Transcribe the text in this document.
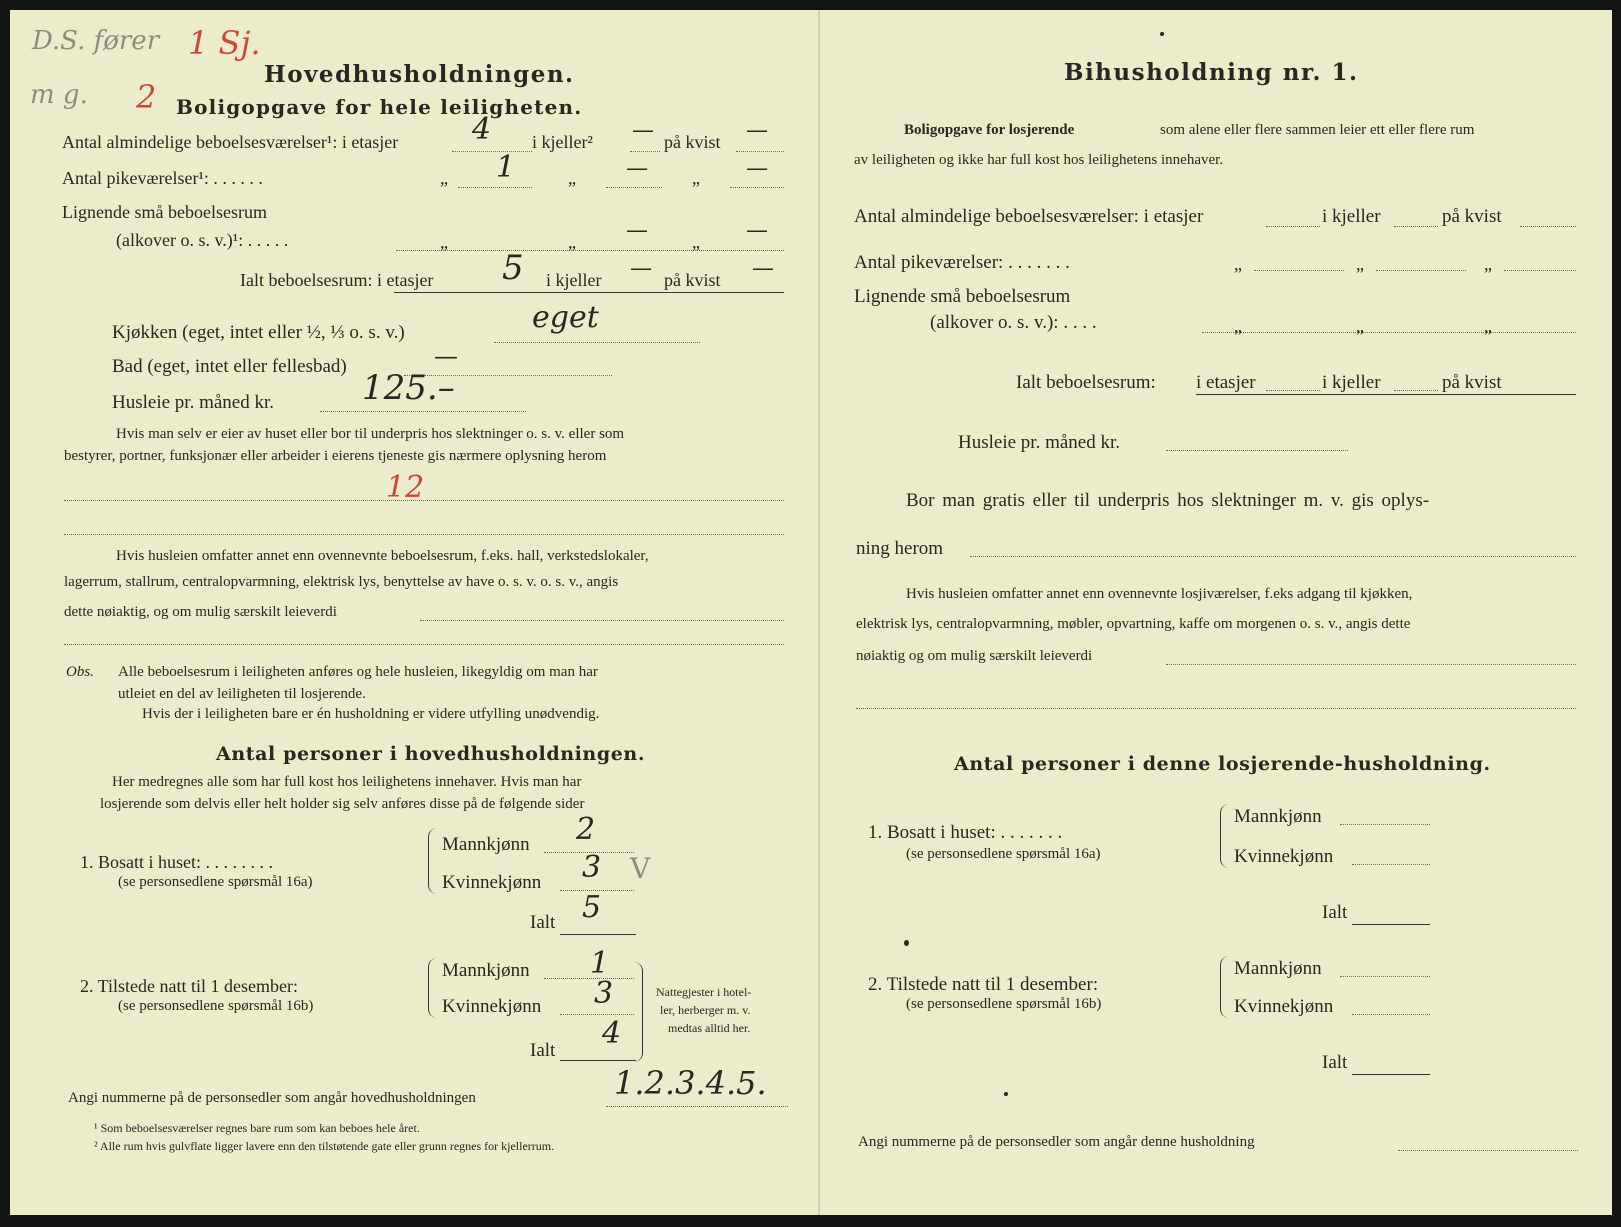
D.S. fører
m g.
1 Sj.
2
Hovedhusholdningen.
Boligopgave for hele leiligheten.
Antal almindelige beboelsesværelser¹: i etasjer 4 i kjeller² — på kvist —
Antal pikeværelser¹: . . . . . .	„ 1	„ — „ —
Lignende små beboelsesrum
(alkover o. s. v.)¹: . . . . .	„	„ — „ —
Ialt beboelsesrum: i etasjer 5 i kjeller — på kvist —
Kjøkken (eget, intet eller ½, ⅓ o. s. v.)	eget
Bad (eget, intet eller fellesbad)	—
Husleie pr. måned kr.	125.–
Hvis man selv er eier av huset eller bor til underpris hos slektninger o. s. v. eller som
bestyrer, portner, funksjonær eller arbeider i eierens tjeneste gis nærmere oplysning herom
12
Hvis husleien omfatter annet enn ovennevnte beboelsesrum, f.eks. hall, verkstedslokaler,
lagerrum, stallrum, centralopvarmning, elektrisk lys, benyttelse av have o. s. v. o. s. v., angis
dette nøiaktig, og om mulig særskilt leieverdi
Obs. Alle beboelsesrum i leiligheten anføres og hele husleien, likegyldig om man har
utleiet en del av leiligheten til losjerende.
Hvis der i leiligheten bare er én husholdning er videre utfylling unødvendig.
Antal personer i hovedhusholdningen.
Her medregnes alle som har full kost hos leilighetens innehaver. Hvis man har
losjerende som delvis eller helt holder sig selv anføres disse på de følgende sider
1. Bosatt i huset: . . . . . . . .
(se personsedlene spørsmål 16a)
Mannkjønn 2
Kvinnekjønn 3 V
Ialt 5
2. Tilstede natt til 1 desember:
(se personsedlene spørsmål 16b)
Mannkjønn 1
Kvinnekjønn 3
Ialt 4
Nattegjester i hotel-
ler, herberger m. v.
medtas alltid her.
Angi nummerne på de personsedler som angår hovedhusholdningen	1.2.3.4.5.
¹ Som beboelsesværelser regnes bare rum som kan beboes hele året.
² Alle rum hvis gulvflate ligger lavere enn den tilstøtende gate eller grunn regnes for kjellerrum.
Bihusholdning nr. 1.
Boligopgave for losjerende	som alene eller flere sammen leier ett eller flere rum
av leiligheten og ikke har full kost hos leilighetens innehaver.
Antal almindelige beboelsesværelser: i etasjer	i kjeller	på kvist
Antal pikeværelser: . . . . . . .	„	„	„
Lignende små beboelsesrum
(alkover o. s. v.): . . . .	„	„	„
Ialt beboelsesrum: i etasjer	i kjeller	på kvist
Husleie pr. måned kr.
Bor man gratis eller til underpris hos slektninger m. v. gis oplys-
ning herom
Hvis husleien omfatter annet enn ovennevnte losjiværelser, f.eks adgang til kjøkken,
elektrisk lys, centralopvarmning, møbler, opvartning, kaffe om morgenen o. s. v., angis dette
nøiaktig og om mulig særskilt leieverdi
Antal personer i denne losjerende-husholdning.
1. Bosatt i huset: . . . . . . .
(se personsedlene spørsmål 16a)
Mannkjønn
Kvinnekjønn
Ialt
2. Tilstede natt til 1 desember:
(se personsedlene spørsmål 16b)
Mannkjønn
Kvinnekjønn
Ialt
Angi nummerne på de personsedler som angår denne husholdning
